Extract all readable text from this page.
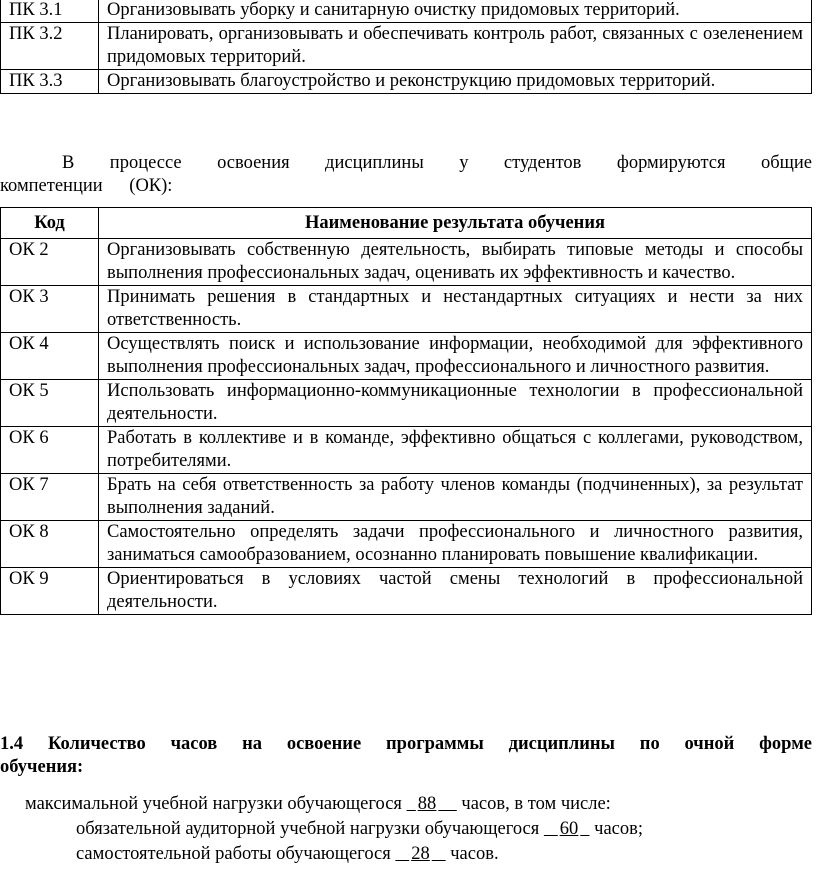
ПК 3.1	Организовывать уборку и санитарную очистку придомовых территорий.
ПК 3.2	Планировать, организовывать и обеспечивать контроль работ, связанных с озеленением придомовых территорий.
ПК 3.3	Организовывать благоустройство и реконструкцию придомовых территорий.
В процессе освоения дисциплины у студентов формируются общие компетенции (ОК):
Код	Наименование результата обучения
ОК 2	Организовывать собственную деятельность, выбирать типовые методы и способы выполнения профессиональных задач, оценивать их эффективность и качество.
ОК 3	Принимать решения в стандартных и нестандартных ситуациях и нести за них ответственность.
ОК 4	Осуществлять поиск и использование информации, необходимой для эффективного выполнения профессиональных задач, профессионального и личностного развития.
ОК 5	Использовать информационно-коммуникационные технологии в профессиональной деятельности.
ОК 6	Работать в коллективе и в команде, эффективно общаться с коллегами, руководством, потребителями.
ОК 7	Брать на себя ответственность за работу членов команды (подчиненных), за результат выполнения заданий.
ОК 8	Самостоятельно определять задачи профессионального и личностного развития, заниматься самообразованием, осознанно планировать повышение квалификации.
ОК 9	Ориентироваться в условиях частой смены технологий в профессиональной деятельности.
1.4 Количество часов на освоение программы дисциплины по очной форме обучения:
максимальной учебной нагрузки обучающегося 88 часов, в том числе:
обязательной аудиторной учебной нагрузки обучающегося 60 часов;
самостоятельной работы обучающегося 28 часов.
